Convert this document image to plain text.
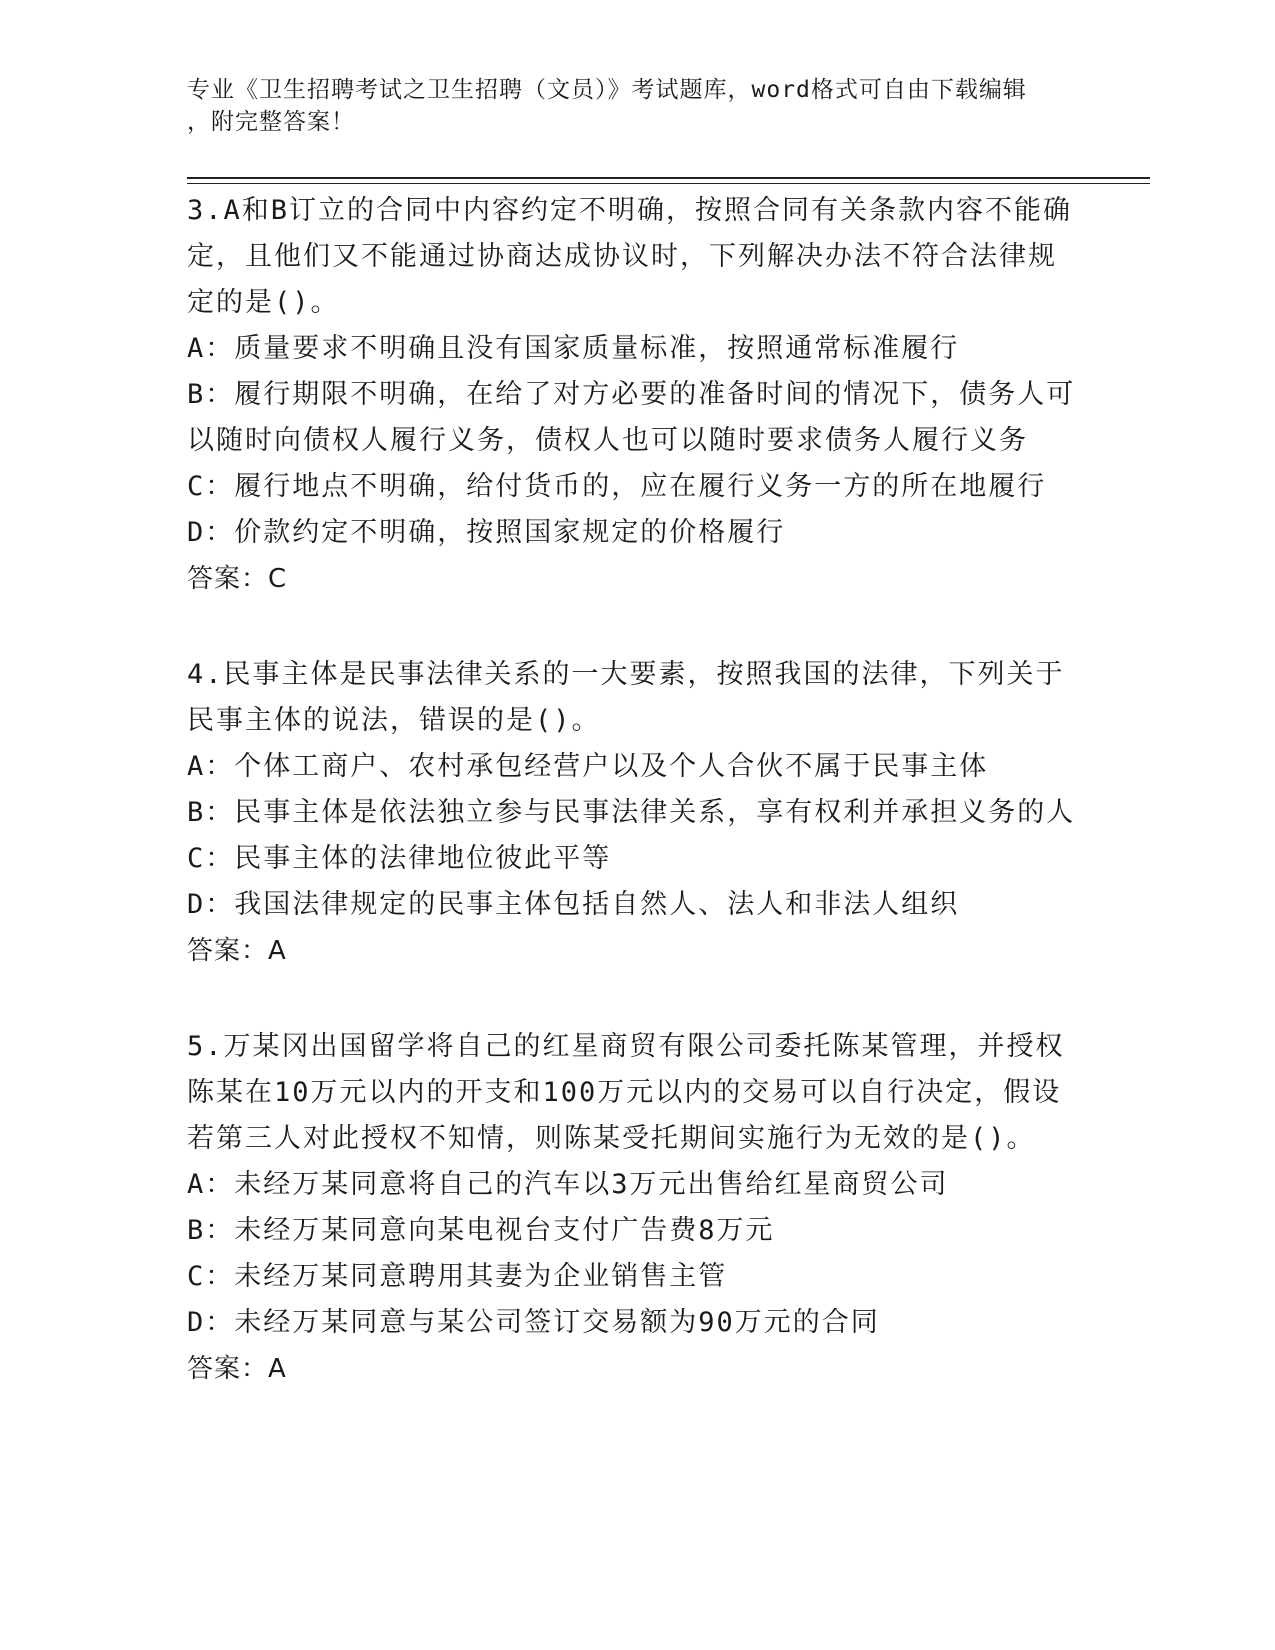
专业《卫生招聘考试之卫生招聘（文员）》考试题库，word格式可自由下载编辑
，附完整答案！
3.A和B订立的合同中内容约定不明确，按照合同有关条款内容不能确
定，且他们又不能通过协商达成协议时，下列解决办法不符合法律规
定的是()。
A：质量要求不明确且没有国家质量标准，按照通常标准履行
B：履行期限不明确，在给了对方必要的准备时间的情况下，债务人可
以随时向债权人履行义务，债权人也可以随时要求债务人履行义务
C：履行地点不明确，给付货币的，应在履行义务一方的所在地履行
D：价款约定不明确，按照国家规定的价格履行
答案：C
4.民事主体是民事法律关系的一大要素，按照我国的法律，下列关于
民事主体的说法，错误的是()。
A：个体工商户、农村承包经营户以及个人合伙不属于民事主体
B：民事主体是依法独立参与民事法律关系，享有权利并承担义务的人
C：民事主体的法律地位彼此平等
D：我国法律规定的民事主体包括自然人、法人和非法人组织
答案：A
5.万某冈出国留学将自己的红星商贸有限公司委托陈某管理，并授权
陈某在10万元以内的开支和100万元以内的交易可以自行决定，假设
若第三人对此授权不知情，则陈某受托期间实施行为无效的是()。
A：未经万某同意将自己的汽车以3万元出售给红星商贸公司
B：未经万某同意向某电视台支付广告费8万元
C：未经万某同意聘用其妻为企业销售主管
D：未经万某同意与某公司签订交易额为90万元的合同
答案：A
